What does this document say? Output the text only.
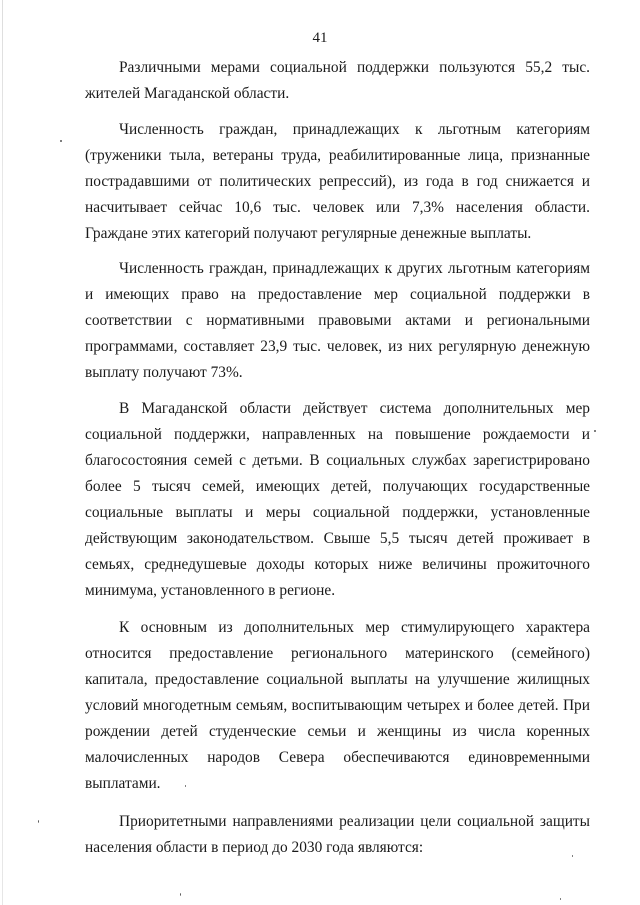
41

Различными мерами социальной поддержки пользуются 55,2 тыс. жителей Магаданской области.

Численность граждан, принадлежащих к льготным категориям (труженики тыла, ветераны труда, реабилитированные лица, признанные пострадавшими от политических репрессий), из года в год снижается и насчитывает сейчас 10,6 тыс. человек или 7,3% населения области. Граждане этих категорий получают регулярные денежные выплаты.

Численность граждан, принадлежащих к других льготным категориям и имеющих право на предоставление мер социальной поддержки в соответствии с нормативными правовыми актами и региональными программами, составляет 23,9 тыс. человек, из них регулярную денежную выплату получают 73%.

В Магаданской области действует система дополнительных мер социальной поддержки, направленных на повышение рождаемости и благосостояния семей с детьми. В социальных службах зарегистрировано более 5 тысяч семей, имеющих детей, получающих государственные социальные выплаты и меры социальной поддержки, установленные действующим законодательством. Свыше 5,5 тысяч детей проживает в семьях, среднедушевые доходы которых ниже величины прожиточного минимума, установленного в регионе.

К основным из дополнительных мер стимулирующего характера относится предоставление регионального материнского (семейного) капитала, предоставление социальной выплаты на улучшение жилищных условий многодетным семьям, воспитывающим четырех и более детей. При рождении детей студенческие семьи и женщины из числа коренных малочисленных народов Севера обеспечиваются единовременными выплатами.

Приоритетными направлениями реализации цели социальной защиты населения области в период до 2030 года являются:
